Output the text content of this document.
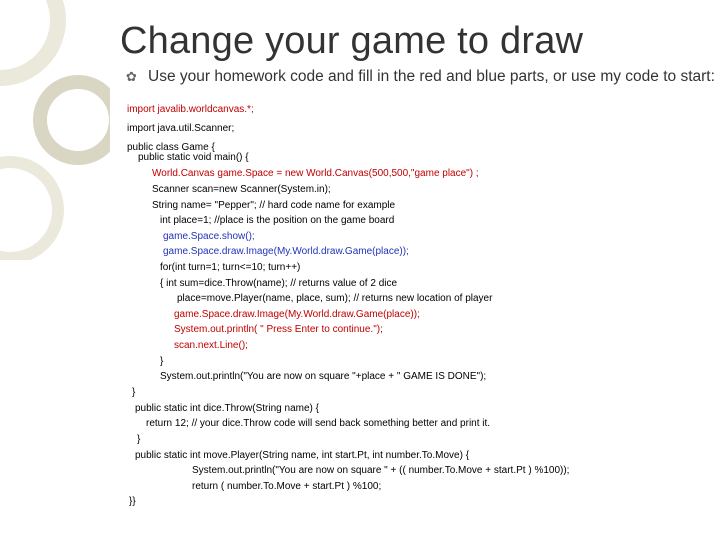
Change your game to draw
✿ Use your homework code and fill in the red and blue parts, or use my code to start:
import javalib.worldcanvas.*;
import java.util.Scanner;
public class Game {
public static void main() {
World.Canvas game.Space = new World.Canvas(500,500,"game place") ;
Scanner scan=new Scanner(System.in);
String name= "Pepper"; // hard code name for example
int place=1; //place is the position on the game board
game.Space.show();
game.Space.draw.Image(My.World.draw.Game(place));
for(int turn=1; turn<=10; turn++)
{ int sum=dice.Throw(name); // returns value of 2 dice
place=move.Player(name, place, sum); // returns new location of player
game.Space.draw.Image(My.World.draw.Game(place));
System.out.println( " Press Enter to continue.");
scan.next.Line();
}
System.out.println("You are now on square "+place + " GAME IS DONE");
}
public static int dice.Throw(String name) {
return 12; // your dice.Throw code will send back something better and print it.
}
public static int move.Player(String name, int start.Pt, int number.To.Move) {
System.out.println("You are now on square " + (( number.To.Move + start.Pt ) %100));
return ( number.To.Move + start.Pt ) %100;
}}
